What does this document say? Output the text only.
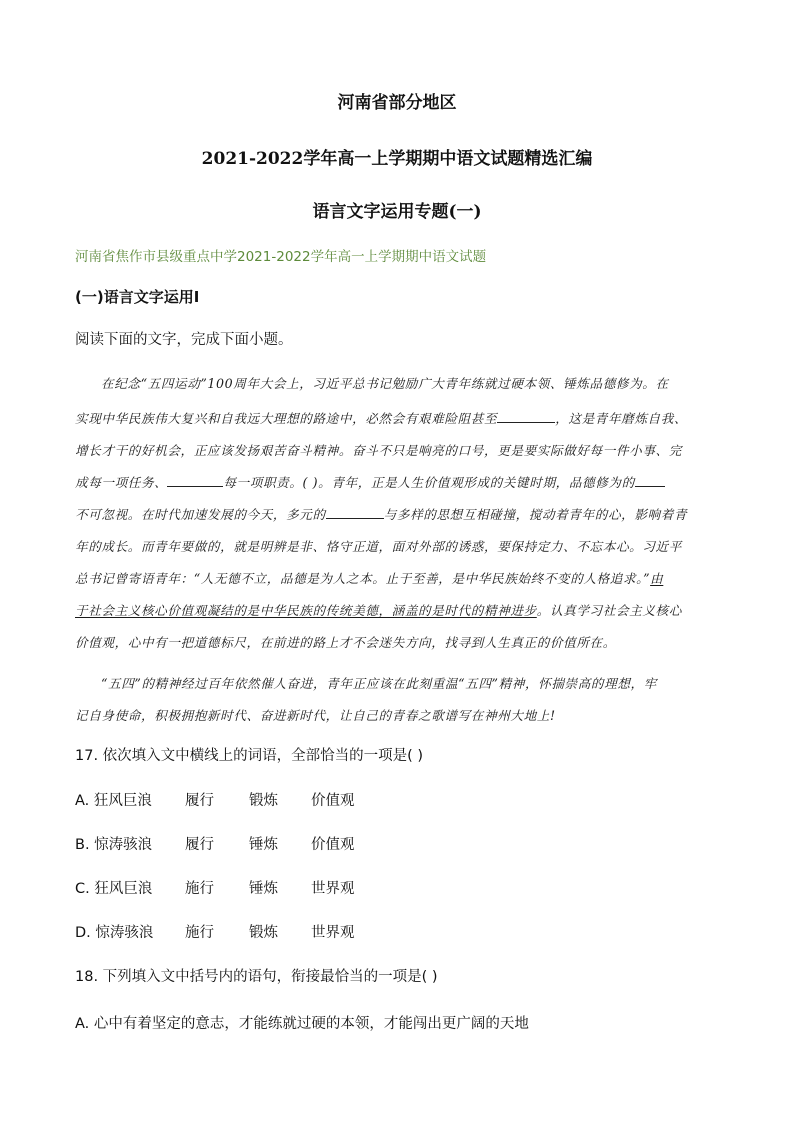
河南省部分地区
2021-2022学年高一上学期期中语文试题精选汇编
语言文字运用专题(一)
河南省焦作市县级重点中学2021-2022学年高一上学期期中语文试题
(一)语言文字运用Ⅰ
阅读下面的文字，完成下面小题。
在纪念“五四运动”100周年大会上，习近平总书记勉励广大青年练就过硬本领、锤炼品德修为。在
实现中华民族伟大复兴和自我远大理想的路途中，必然会有艰难险阻甚至	，这是青年磨炼自我、
增长才干的好机会，正应该发扬艰苦奋斗精神。奋斗不只是响亮的口号，更是要实际做好每一件小事、完
成每一项任务、	每一项职责。( )。青年，正是人生价值观形成的关键时期，品德修为的
不可忽视。在时代加速发展的今天，多元的	与多样的思想互相碰撞，搅动着青年的心，影响着青
年的成长。而青年要做的，就是明辨是非、恪守正道，面对外部的诱惑，要保持定力、不忘本心。习近平
总书记曾寄语青年：“人无德不立，品德是为人之本。止于至善，是中华民族始终不变的人格追求。”由
于社会主义核心价值观凝结的是中华民族的传统美德，涵盖的是时代的精神进步。认真学习社会主义核心
价值观，心中有一把道德标尺，在前进的路上才不会迷失方向，找寻到人生真正的价值所在。
“五四”的精神经过百年依然催人奋进，青年正应该在此刻重温“五四”精神，怀揣崇高的理想，牢
记自身使命，积极拥抱新时代、奋进新时代，让自己的青春之歌谱写在神州大地上!
17. 依次填入文中横线上的词语，全部恰当的一项是( )
A. 狂风巨浪 履行 锻炼 价值观
B. 惊涛骇浪 履行 锤炼 价值观
C. 狂风巨浪 施行 锤炼 世界观
D. 惊涛骇浪 施行 锻炼 世界观
18. 下列填入文中括号内的语句，衔接最恰当的一项是( )
A. 心中有着坚定的意志，才能练就过硬的本领，才能闯出更广阔的天地
